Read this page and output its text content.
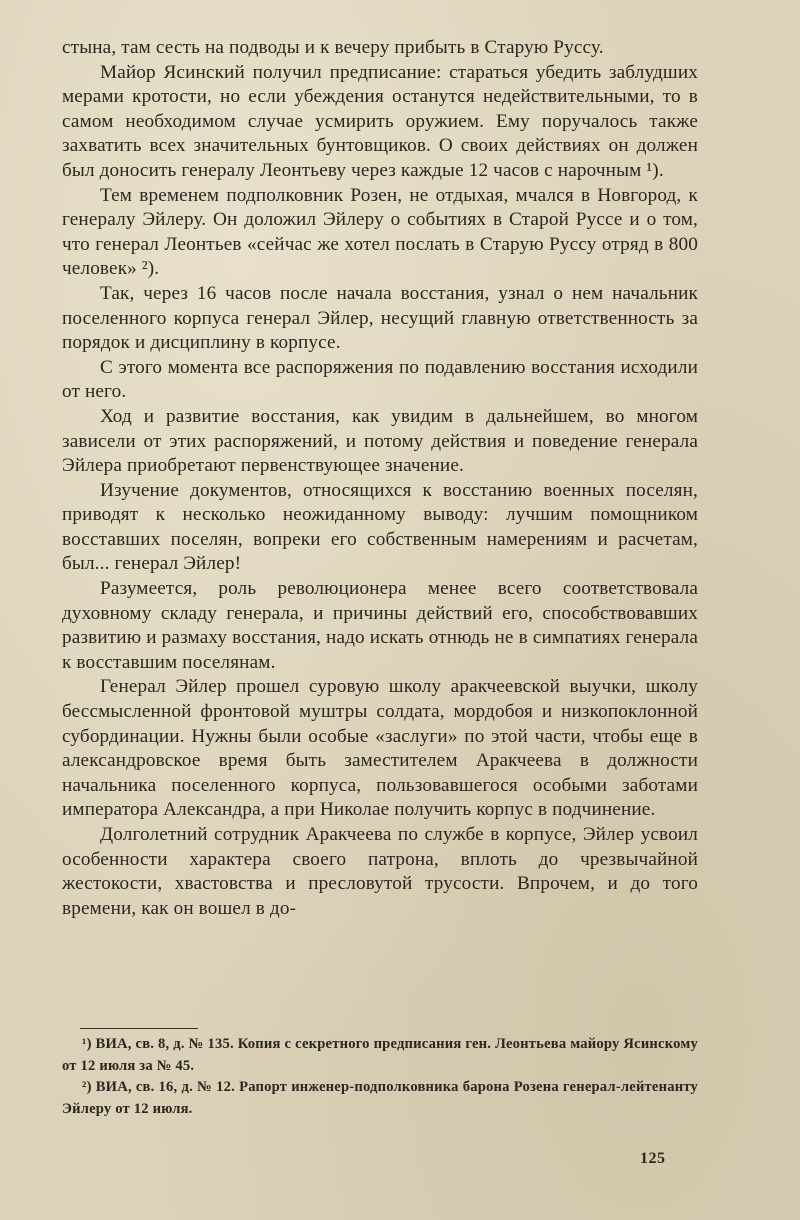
стына, там сесть на подводы и к вечеру прибыть в Старую Руссу.

Майор Ясинский получил предписание: стараться убедить заблудших мерами кротости, но если убеждения останутся недействительными, то в самом необходимом случае усмирить оружием. Ему поручалось также захватить всех значительных бунтовщиков. О своих действиях он должен был доносить генералу Леонтьеву через каждые 12 часов с нарочным ¹).

Тем временем подполковник Розен, не отдыхая, мчался в Новгород, к генералу Эйлеру. Он доложил Эйлеру о событиях в Старой Руссе и о том, что генерал Леонтьев «сейчас же хотел послать в Старую Руссу отряд в 800 человек» ²).

Так, через 16 часов после начала восстания, узнал о нем начальник поселенного корпуса генерал Эйлер, несущий главную ответственность за порядок и дисциплину в корпусе.

С этого момента все распоряжения по подавлению восстания исходили от него.

Ход и развитие восстания, как увидим в дальнейшем, во многом зависели от этих распоряжений, и потому действия и поведение генерала Эйлера приобретают первенствующее значение.

Изучение документов, относящихся к восстанию военных поселян, приводят к несколько неожиданному выводу: лучшим помощником восставших поселян, вопреки его собственным намерениям и расчетам, был... генерал Эйлер!

Разумеется, роль революционера менее всего соответствовала духовному складу генерала, и причины действий его, способствовавших развитию и размаху восстания, надо искать отнюдь не в симпатиях генерала к восставшим поселянам.

Генерал Эйлер прошел суровую школу аракчеевской выучки, школу бессмысленной фронтовой муштры солдата, мордобоя и низкопоклонной субординации. Нужны были особые «заслуги» по этой части, чтобы еще в александровское время быть заместителем Аракчеева в должности начальника поселенного корпуса, пользовавшегося особыми заботами императора Александра, а при Николае получить корпус в подчинение.

Долголетний сотрудник Аракчеева по службе в корпусе, Эйлер усвоил особенности характера своего патрона, вплоть до чрезвычайной жестокости, хвастовства и пресловутой трусости. Впрочем, и до того времени, как он вошел в до-

¹) ВИА, св. 8, д. № 135. Копия с секретного предписания ген. Леонтьева майору Ясинскому от 12 июля за № 45.

²) ВИА, св. 16, д. № 12. Рапорт инженер-подполковника барона Розена генерал-лейтенанту Эйлеру от 12 июля.

125
